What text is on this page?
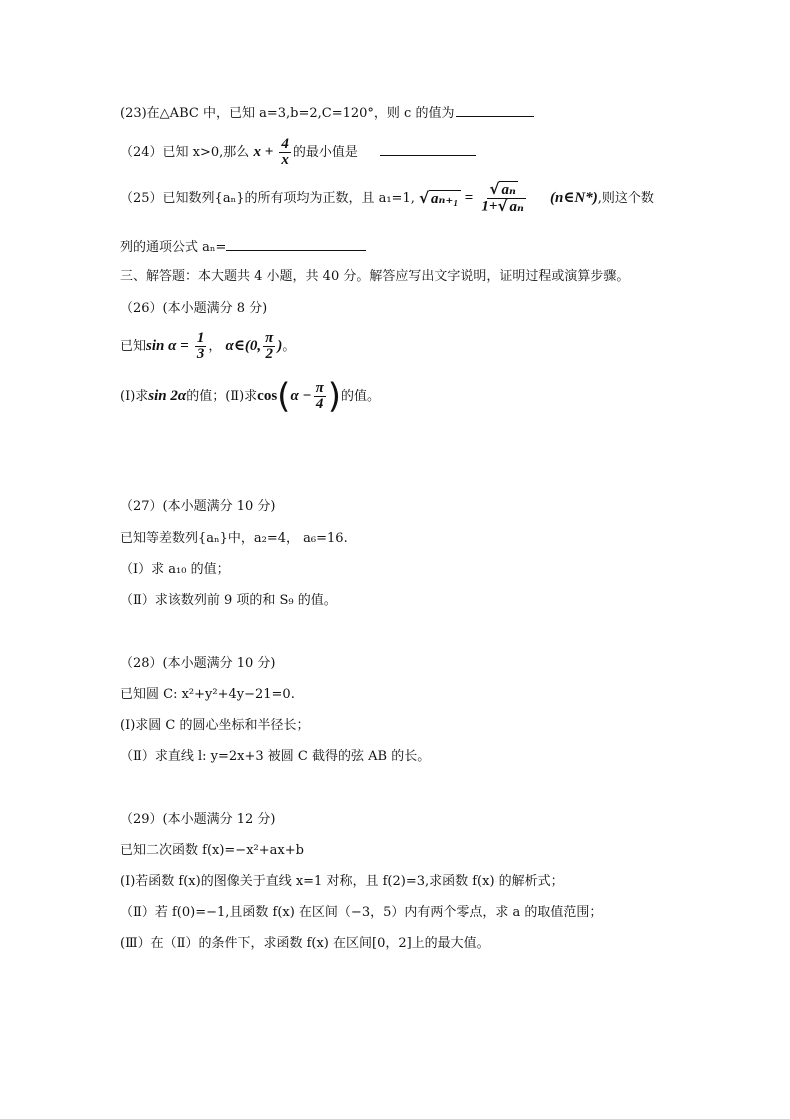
(23)在△ABC 中，已知 a=3,b=2,C=120°，则 c 的值为
（24）已知 x>0,那么 $x + \frac{4}{x}$ 的最小值是
（25）已知数列{aₙ}的所有项均为正数，且 a₁=1, √ $a_{n+1} = \frac{\text{√ aₙ}}{\text{1+√ aₙ}}$ (n∈N*),则这个数
列的通项公式 aₙ=
三、解答题：本大题共 4 小题，共 40 分。解答应写出文字说明，证明过程或演算步骤。
（26）(本小题满分 8 分)
已知$\sin \alpha = \frac{1}{3}$ ， α∈(0, $\frac{\pi}{2}$ )。
(Ⅰ)求sin 2α的值；(Ⅱ)求$\cos(\alpha - \frac{\pi}{4}$ )的值。
（27）(本小题满分 10 分)
已知等差数列{aₙ}中，a₂=4， a₆=16.
（Ⅰ）求 a₁₀ 的值；
（Ⅱ）求该数列前 9 项的和 S₉ 的值。
（28）(本小题满分 10 分)
已知圆 C: x²+y²+4y−21=0.
(Ⅰ)求圆 C 的圆心坐标和半径长；
（Ⅱ）求直线 l: y=2x+3 被圆 C 截得的弦 AB 的长。
（29）(本小题满分 12 分)
已知二次函数 f(x)=−x²+ax+b
(Ⅰ)若函数 f(x)的图像关于直线 x=1 对称，且 f(2)=3,求函数 f(x) 的解析式；
（Ⅱ）若 f(0)=−1,且函数 f(x) 在区间（−3，5）内有两个零点，求 a 的取值范围；
(Ⅲ）在（Ⅱ）的条件下，求函数 f(x) 在区间[0，2]上的最大值。
